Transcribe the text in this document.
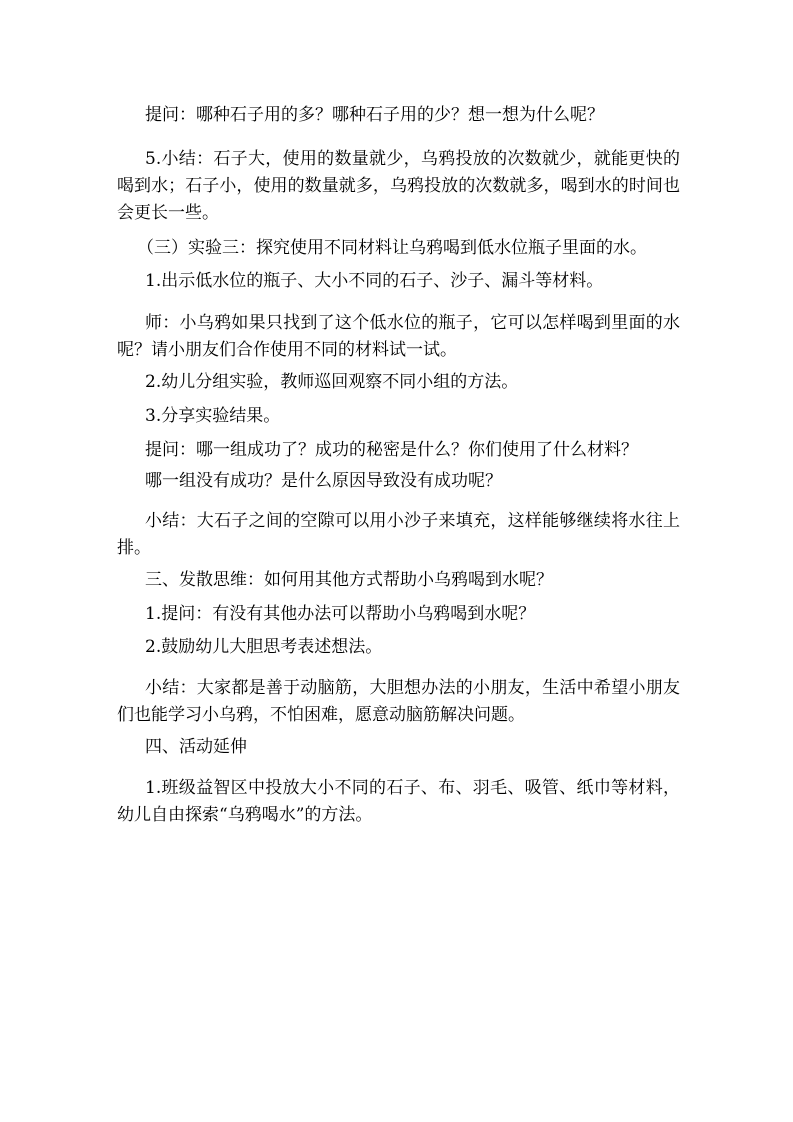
提问：哪种石子用的多？哪种石子用的少？想一想为什么呢？

5.小结：石子大，使用的数量就少，乌鸦投放的次数就少，就能更快的喝到水；石子小，使用的数量就多，乌鸦投放的次数就多，喝到水的时间也会更长一些。

（三）实验三：探究使用不同材料让乌鸦喝到低水位瓶子里面的水。

1.出示低水位的瓶子、大小不同的石子、沙子、漏斗等材料。

师：小乌鸦如果只找到了这个低水位的瓶子，它可以怎样喝到里面的水呢？请小朋友们合作使用不同的材料试一试。

2.幼儿分组实验，教师巡回观察不同小组的方法。

3.分享实验结果。

提问：哪一组成功了？成功的秘密是什么？你们使用了什么材料？

哪一组没有成功？是什么原因导致没有成功呢？

小结：大石子之间的空隙可以用小沙子来填充，这样能够继续将水往上排。

三、发散思维：如何用其他方式帮助小乌鸦喝到水呢？

1.提问：有没有其他办法可以帮助小乌鸦喝到水呢？

2.鼓励幼儿大胆思考表述想法。

小结：大家都是善于动脑筋，大胆想办法的小朋友，生活中希望小朋友们也能学习小乌鸦，不怕困难，愿意动脑筋解决问题。

四、活动延伸

1.班级益智区中投放大小不同的石子、布、羽毛、吸管、纸巾等材料，幼儿自由探索“乌鸦喝水”的方法。
